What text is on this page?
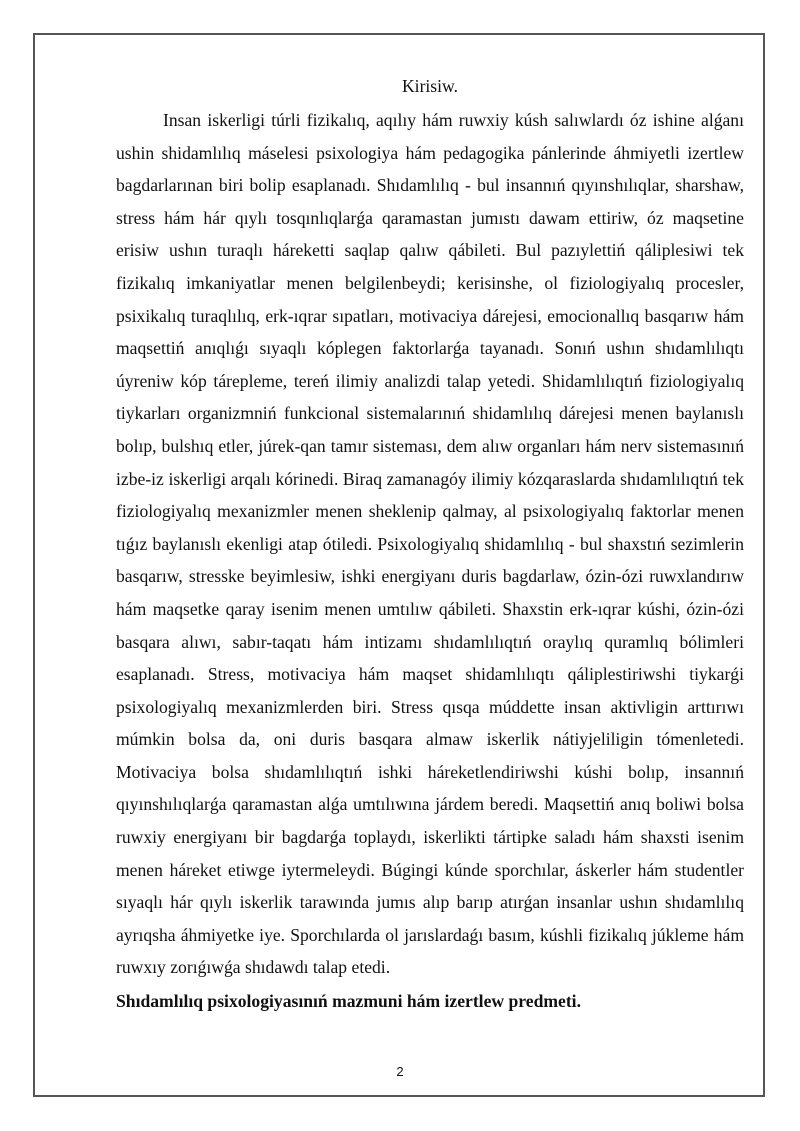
Kirisiw.

Insan iskerligi túrli fizikalıq, aqılıy hám ruwxiy kúsh salıwlardı óz ishine alǵanı ushin shidamlılıq máselesi psixologiya hám pedagogika pánlerinde áhmiyetli izertlew bagdarlarınan biri bolip esaplanadı. Shıdamlılıq - bul insannıń qıyınshılıqlar, sharshaw, stress hám hár qıylı tosqınlıqlarǵa qaramastan jumıstı dawam ettiriw, óz maqsetine erisiw ushın turaqlı háreketti saqlap qalıw qábileti. Bul pazıylettiń qáliplesiwi tek fizikalıq imkaniyatlar menen belgilenbeydi; kerisinshe, ol fiziologiyalıq procesler, psixikalıq turaqlılıq, erk-ıqrar sıpatları, motivaciya dárejesi, emocionallıq basqarıw hám maqsettiń anıqlıǵı sıyaqlı kóplegen faktorlarǵa tayanadı. Sonıń ushın shıdamlılıqtı úyreniw kóp tárepleme, tereń ilimiy analizdi talap yetedi. Shidamlılıqtıń fiziologiyalıq tiykarları organizmniń funkcional sistemalarınıń shidamlılıq dárejesi menen baylanıslı bolıp, bulshıq etler, júrek-qan tamır sisteması, dem alıw organları hám nerv sistemasınıń izbe-iz iskerligi arqalı kórinedi. Biraq zamanagóy ilimiy kózqaraslarda shıdamlılıqtıń tek fiziologiyalıq mexanizmler menen sheklenip qalmay, al psixologiyalıq faktorlar menen tıǵız baylanıslı ekenligi atap ótiledi. Psixologiyalıq shidamlılıq - bul shaxstıń sezimlerin basqarıw, stresske beyimlesiw, ishki energiyanı duris bagdarlaw, ózin-ózi ruwxlandırıw hám maqsetke qaray isenim menen umtılıw qábileti. Shaxstin erk-ıqrar kúshi, ózin-ózi basqara alıwı, sabır-taqatı hám intizamı shıdamlılıqtıń oraylıq quramlıq bólimleri esaplanadı. Stress, motivaciya hám maqset shidamlılıqtı qáliplestiriwshi tiykarǵi psixologiyalıq mexanizmlerden biri. Stress qısqa múddette insan aktivligin arttırıwı múmkin bolsa da, oni duris basqara almaw iskerlik nátiyjeliligin tómenletedi. Motivaciya bolsa shıdamlılıqtıń ishki háreketlendiriwshi kúshi bolıp, insannıń qıyınshılıqlarǵa qaramastan alǵa umtılıwına járdem beredi. Maqsettiń anıq boliwi bolsa ruwxiy energiyanı bir bagdarǵa toplaydı, iskerlikti tártipke saladı hám shaxsti isenim menen háreket etiwge iytermeleydi. Búgingi kúnde sporchılar, áskerler hám studentler sıyaqlı hár qıylı iskerlik tarawında jumıs alıp barıp atırǵan insanlar ushın shıdamlılıq ayrıqsha áhmiyetke iye. Sporchılarda ol jarıslardaǵı basım, kúshli fizikalıq júkleme hám ruwxıy zorıǵıwǵa shıdawdı talap etedi.

Shıdamlılıq psixologiyasınıń mazmuni hám izertlew predmeti.

2
